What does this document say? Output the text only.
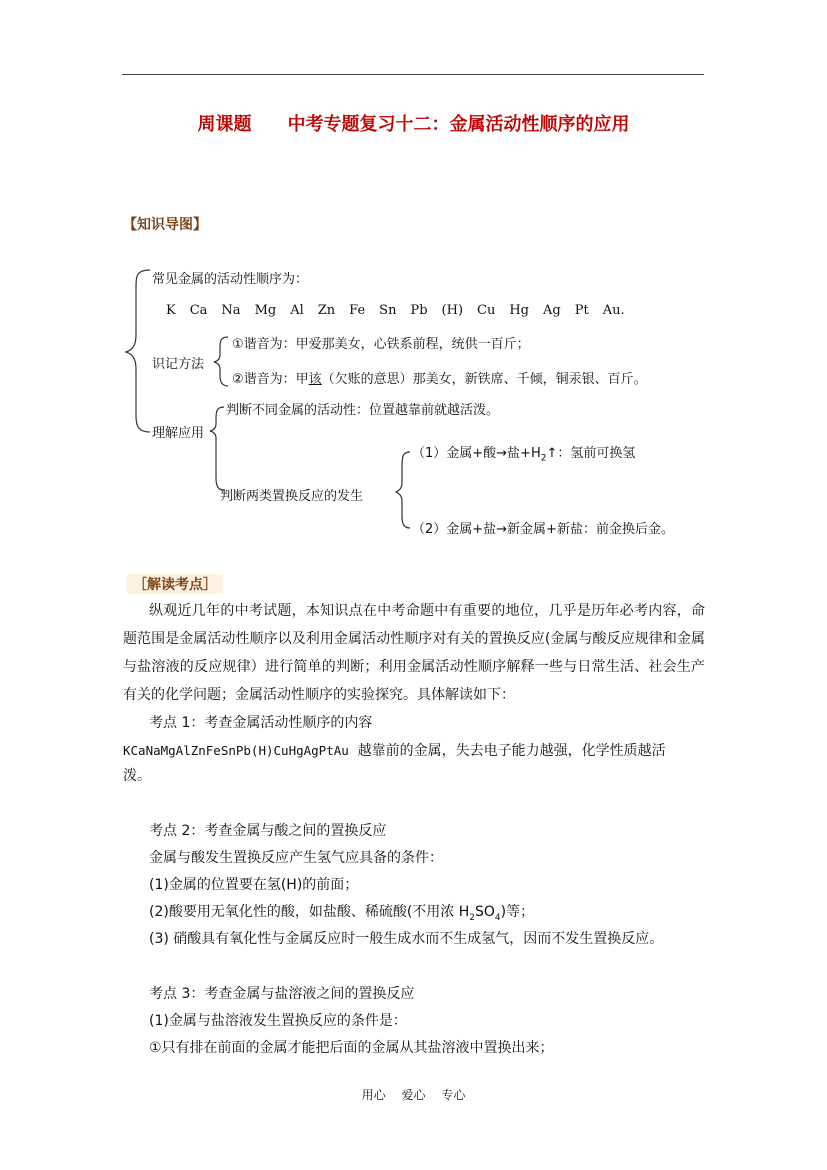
周课题 中考专题复习十二：金属活动性顺序的应用
【知识导图】
常见金属的活动性顺序为：
K Ca Na Mg Al Zn Fe Sn Pb (H) Cu Hg Ag Pt Au.
①谐音为：甲爱那美女，心铁系前程，统供一百斤；
识记方法
②谐音为：甲该（欠账的意思）那美女，新铁席、千倾，铜汞银、百斤。
判断不同金属的活动性：位置越靠前就越活泼。
理解应用
判断两类置换反应的发生
（1）金属+酸→盐$+H_2↑$：氢前可换氢
（2）金属+盐→新金属+新盐：前金换后金。
［解读考点］
纵观近几年的中考试题，本知识点在中考命题中有重要的地位，几乎是历年必考内容，命题范围是金属活动性顺序以及利用金属活动性顺序对有关的置换反应(金属与酸反应规律和金属与盐溶液的反应规律）进行简单的判断；利用金属活动性顺序解释一些与日常生活、社会生产有关的化学问题；金属活动性顺序的实验探究。具体解读如下：
考点 1：考查金属活动性顺序的内容
KCaNaMgAlZnFeSnPb(H)CuHgAgPtAu 越靠前的金属，失去电子能力越强，化学性质越活
泼。
考点 2：考查金属与酸之间的置换反应
金属与酸发生置换反应产生氢气应具备的条件：
(1)金属的位置要在氢(H)的前面；
(2)酸要用无氧化性的酸，如盐酸、稀硫酸(不用浓 $H_2SO_4$)等；
(3) 硝酸具有氧化性与金属反应时一般生成水而不生成氢气，因而不发生置换反应。
考点 3：考查金属与盐溶液之间的置换反应
(1)金属与盐溶液发生置换反应的条件是：
①只有排在前面的金属才能把后面的金属从其盐溶液中置换出来；
用心 爱心 专心
